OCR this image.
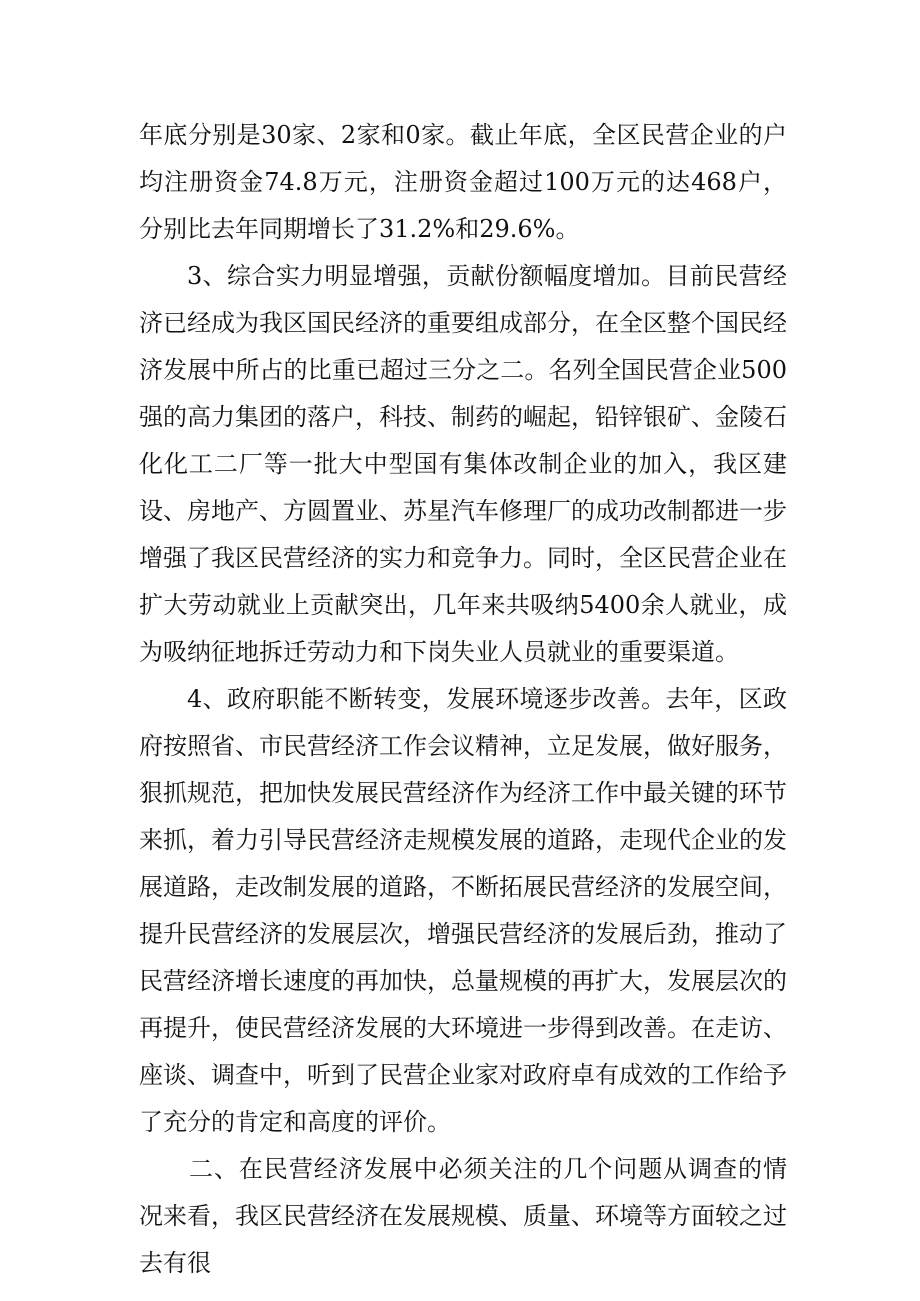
年底分别是30家、2家和0家。截止年底，全区民营企业的户均注册资金74.8万元，注册资金超过100万元的达468户，分别比去年同期增长了31.2%和29.6%。

3、综合实力明显增强，贡献份额幅度增加。目前民营经济已经成为我区国民经济的重要组成部分，在全区整个国民经济发展中所占的比重已超过三分之二。名列全国民营企业500强的高力集团的落户，科技、制药的崛起，铅锌银矿、金陵石化化工二厂等一批大中型国有集体改制企业的加入，我区建设、房地产、方圆置业、苏星汽车修理厂的成功改制都进一步增强了我区民营经济的实力和竞争力。同时，全区民营企业在扩大劳动就业上贡献突出，几年来共吸纳5400余人就业，成为吸纳征地拆迁劳动力和下岗失业人员就业的重要渠道。

4、政府职能不断转变，发展环境逐步改善。去年，区政府按照省、市民营经济工作会议精神，立足发展，做好服务，狠抓规范，把加快发展民营经济作为经济工作中最关键的环节来抓，着力引导民营经济走规模发展的道路，走现代企业的发展道路，走改制发展的道路，不断拓展民营经济的发展空间，提升民营经济的发展层次，增强民营经济的发展后劲，推动了民营经济增长速度的再加快，总量规模的再扩大，发展层次的再提升，使民营经济发展的大环境进一步得到改善。在走访、座谈、调查中，听到了民营企业家对政府卓有成效的工作给予了充分的肯定和高度的评价。

二、在民营经济发展中必须关注的几个问题从调查的情况来看，我区民营经济在发展规模、质量、环境等方面较之过去有很
